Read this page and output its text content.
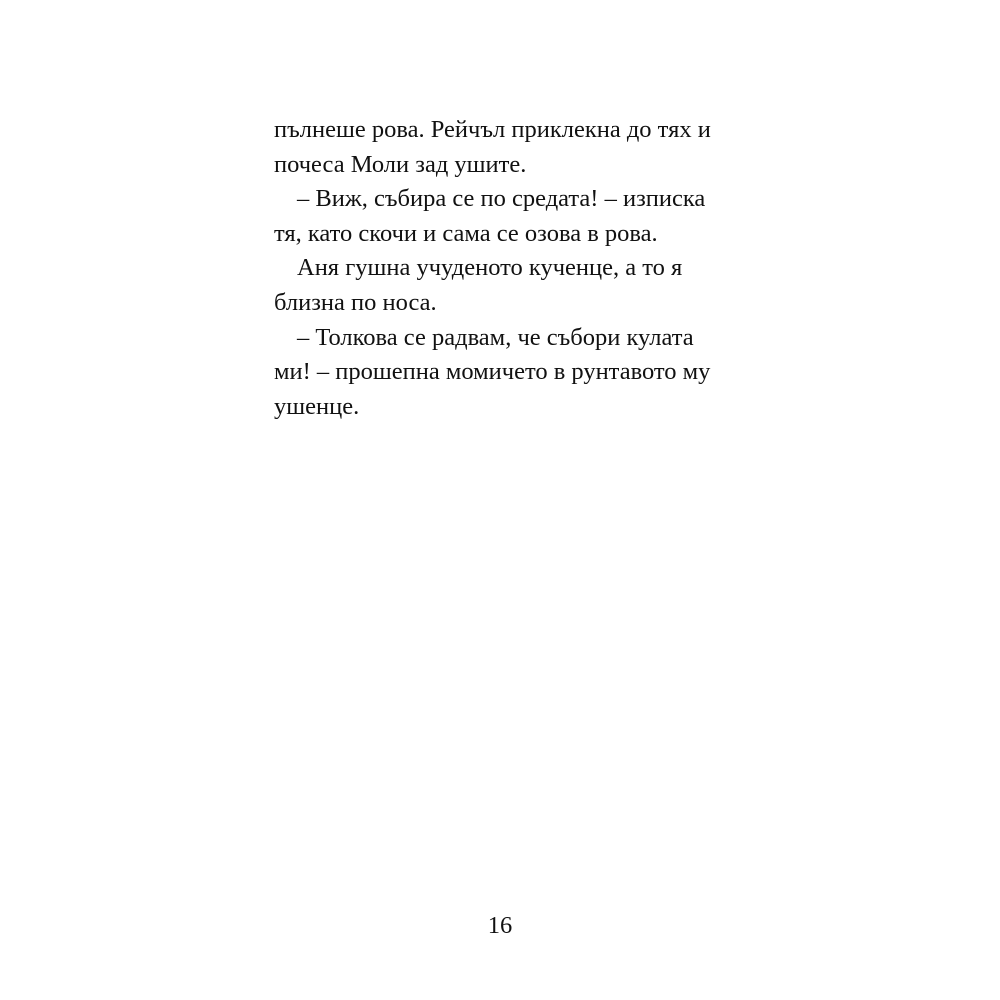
пълнеше рова. Рейчъл приклекна до тях и
почеса Моли зад ушите.
– Виж, събира се по средата! – изписка
тя, като скочи и сама се озова в рова.
Аня гушна учуденото кученце, а то я
близна по носа.
– Толкова се радвам, че събори кулата
ми! – прошепна момичето в рунтавото му
ушенце.
16
